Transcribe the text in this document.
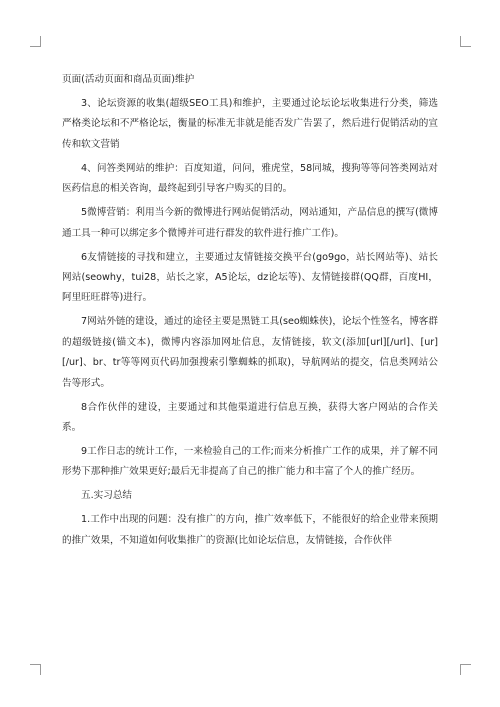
页面(活动页面和商品页面)维护

3、论坛资源的收集(超级SEO工具)和维护，主要通过论坛论坛收集进行分类，筛选严格类论坛和不严格论坛，衡量的标准无非就是能否发广告罢了，然后进行促销活动的宣传和软文营销

4、问答类网站的维护：百度知道，问问，雅虎堂，58同城，搜狗等等问答类网站对医药信息的相关咨询，最终起到引导客户购买的目的。

5微博营销：利用当今新的微博进行网站促销活动，网站通知，产品信息的撰写(微博通工具一种可以绑定多个微博并可进行群发的软件进行推广工作)。

6友情链接的寻找和建立，主要通过友情链接交换平台(go9go，站长网站等)、站长网站(seowhy，tui28，站长之家，A5论坛，dz论坛等)、友情链接群(QQ群，百度HI，阿里旺旺群等)进行。

7网站外链的建设，通过的途径主要是黑链工具(seo蜘蛛侠)，论坛个性签名，博客群的超级链接(锚文本)，微博内容添加网址信息，友情链接，软文(添加[url][/url]、[ur][/ur]、br、tr等等网页代码加强搜索引擎蜘蛛的抓取)，导航网站的提交，信息类网站公告等形式。

8合作伙伴的建设，主要通过和其他渠道进行信息互换，获得大客户网站的合作关系。

9工作日志的统计工作，一来检验自己的工作;而来分析推广工作的成果，并了解不同形势下那种推广效果更好;最后无非提高了自己的推广能力和丰富了个人的推广经历。

五.实习总结

1.工作中出现的问题：没有推广的方向，推广效率低下，不能很好的给企业带来预期的推广效果，不知道如何收集推广的资源(比如论坛信息，友情链接，合作伙伴
